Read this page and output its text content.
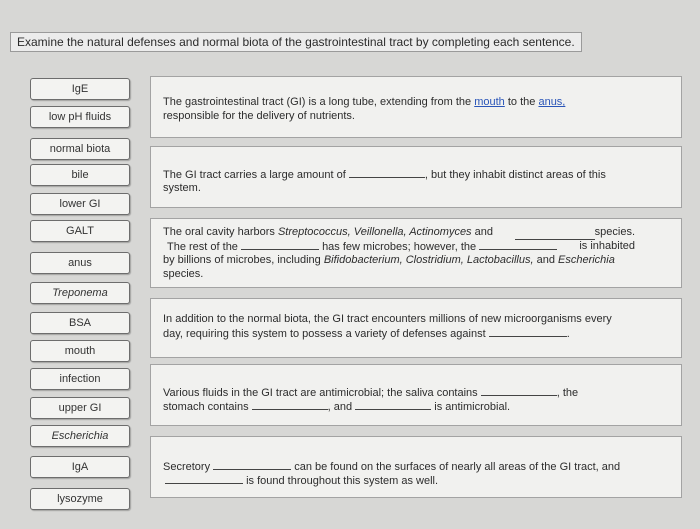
Examine the natural defenses and normal biota of the gastrointestinal tract by completing each sentence.
IgE
low pH fluids
normal biota
bile
lower GI
GALT
anus
Treponema
BSA
mouth
infection
upper GI
Escherichia
IgA
lysozyme
The gastrointestinal tract (GI) is a long tube, extending from the mouth to the anus,
responsible for the delivery of nutrients.
The GI tract carries a large amount of	, but they inhabit distinct areas of this
system.
The oral cavity harbors Streptococcus, Veillonella, Actinomyces and	species.
The rest of the	has few microbes; however, the	is inhabited
by billions of microbes, including Bifidobacterium, Clostridium, Lactobacillus, and Escherichia
species.
In addition to the normal biota, the GI tract encounters millions of new microorganisms every
day, requiring this system to possess a variety of defenses against	.
Various fluids in the GI tract are antimicrobial; the saliva contains	, the
stomach contains	, and	is antimicrobial.
Secretory	can be found on the surfaces of nearly all areas of the GI tract, and
is found throughout this system as well.
